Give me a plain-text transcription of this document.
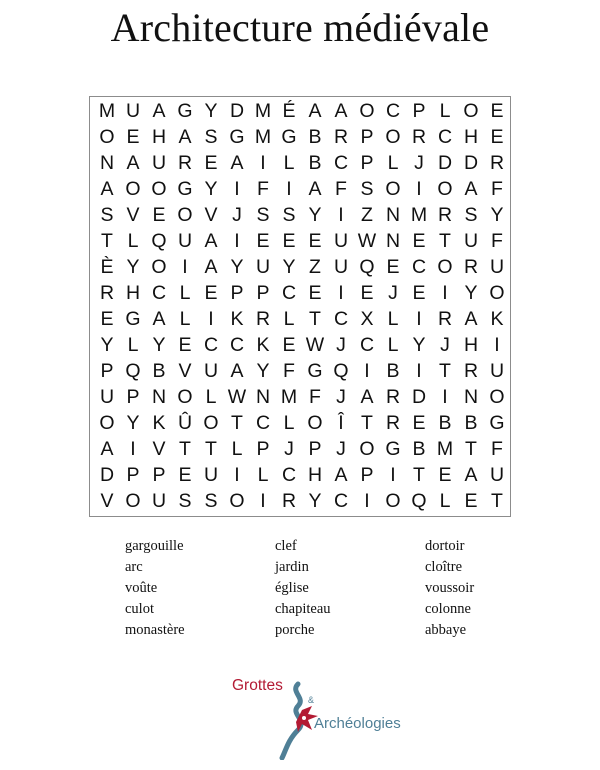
Architecture médiévale
M U A G Y D M É A A O C P L O E
O E H A S G M G B R P O R C H E
N A U R E A I L B C P L J D D R
A O O G Y I F I A F S O I O A F
S V E O V J S S Y I Z N M R S Y
T L Q U A I E E E U W N E T U F
È Y O I A Y U Y Z U Q E C O R U
R H C L E P P C E I E J E I Y O
E G A L I K R L T C X L I R A K
Y L Y E C C K E W J C L Y J H I
P Q B V U A Y F G Q I B I T R U
U P N O L W N M F J A R D I N O
O Y K Û O T C L O Î T R E B B G
A I V T T L P J P J O G B M T F
D P P E U I L C H A P I T E A U
V O U S S O I R Y C I O Q L E T
gargouille	clef	dortoir
arc	jardin	cloître
voûte	église	voussoir
culot	chapiteau	colonne
monastère	porche	abbaye
Grottes
&
Archéologies
